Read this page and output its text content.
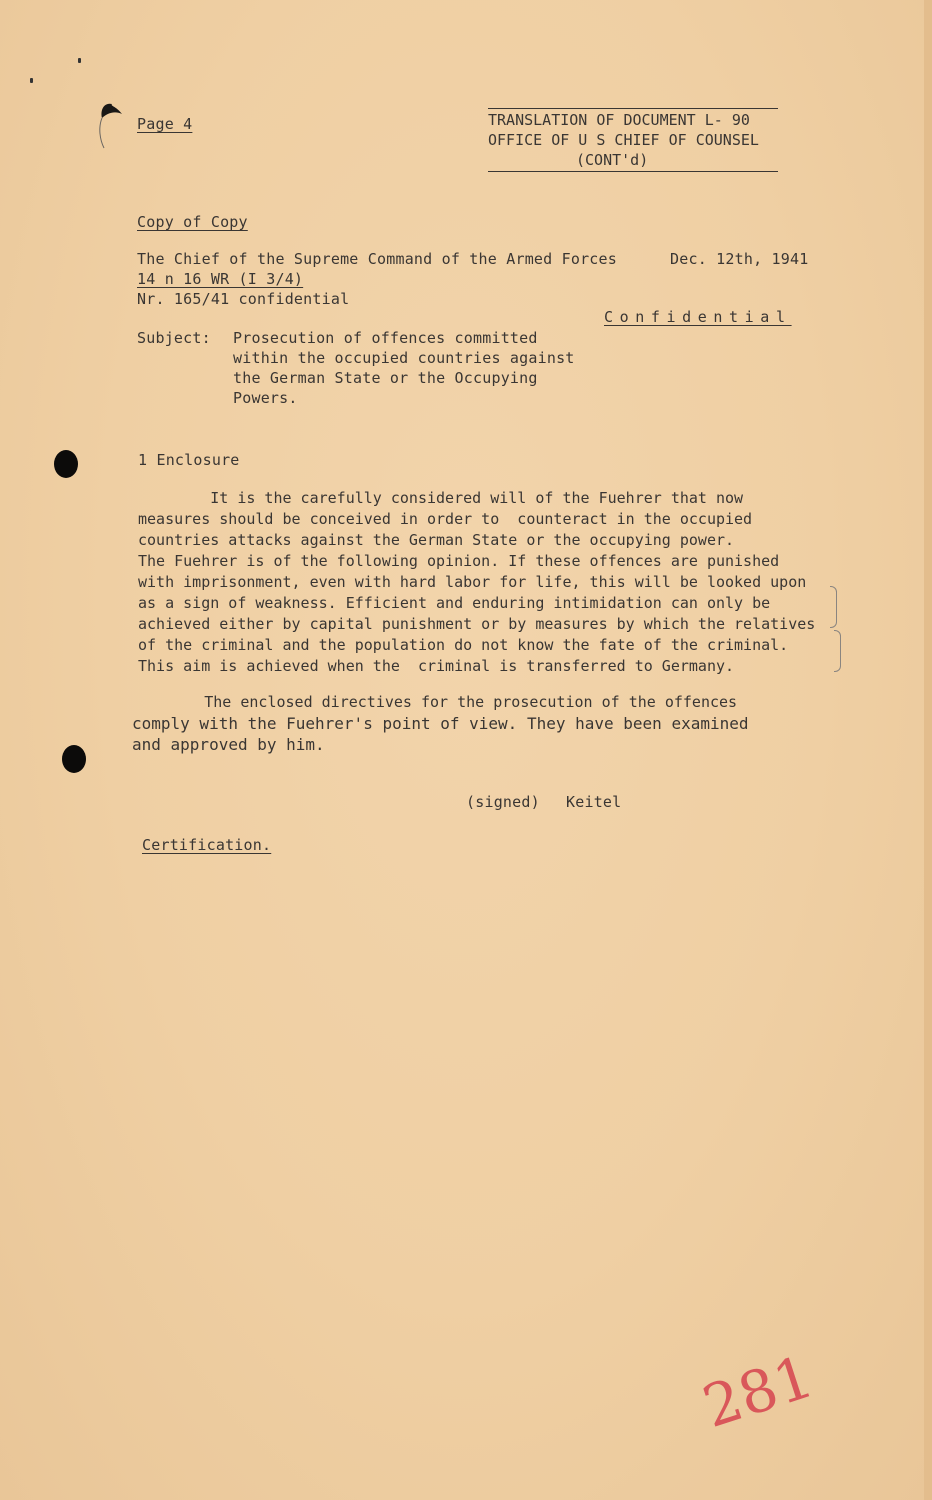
Page 4	TRANSLATION OF DOCUMENT L- 90
OFFICE OF U S CHIEF OF COUNSEL
(CONT'd)
Copy of Copy
The Chief of the Supreme Command of the Armed Forces	Dec. 12th, 1941
14 n 16 WR (I 3/4)
Nr. 165/41 confidential
Confidential
Subject: Prosecution of offences committed
within the occupied countries against
the German State or the Occupying
Powers.
1 Enclosure
It is the carefully considered will of the Fuehrer that now
measures should be conceived in order to  counteract in the occupied
countries attacks against the German State or the occupying power.
The Fuehrer is of the following opinion. If these offences are punished
with imprisonment, even with hard labor for life, this will be looked upon
as a sign of weakness. Efficient and enduring intimidation can only be
achieved either by capital punishment or by measures by which the relatives
of the criminal and the population do not know the fate of the criminal.
This aim is achieved when the  criminal is transferred to Germany.
The enclosed directives for the prosecution of the offences
comply with the Fuehrer's point of view. They have been examined
and approved by him.
(signed) Keitel
Certification.
281
